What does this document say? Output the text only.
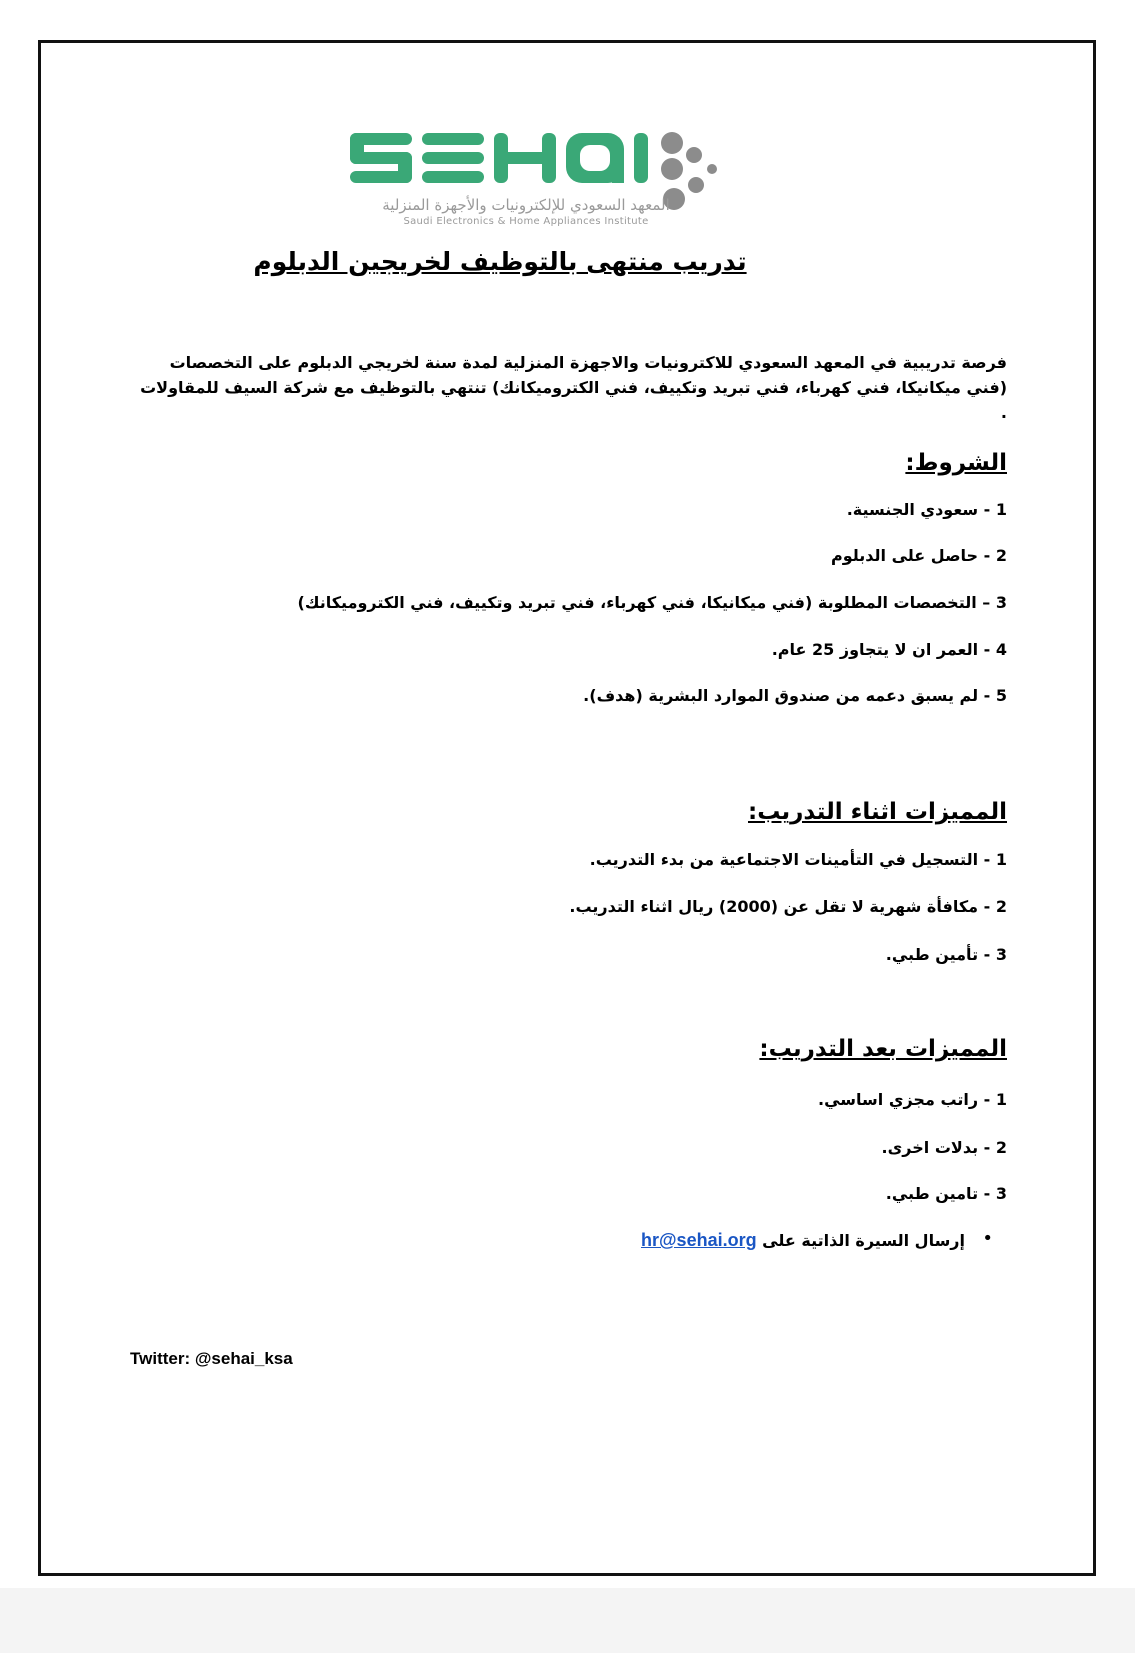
المعهد السعودي للإلكترونيات والأجهزة المنزلية
Saudi Electronics & Home Appliances Institute
تدريب منتهى بالتوظيف لخريجين الدبلوم
فرصة تدريبية في المعهد السعودي للاكترونيات والاجهزة المنزلية لمدة سنة لخريجي الدبلوم على التخصصات (فني ميكانيكا، فني كهرباء، فني تبريد وتكييف، فني الكتروميكانك) تنتهي بالتوظيف مع شركة السيف للمقاولات .
الشروط:
1 - سعودي الجنسية.
2 - حاصل على الدبلوم
3 – التخصصات المطلوبة (فني ميكانيكا، فني كهرباء، فني تبريد وتكييف، فني الكترومیکانك)
4 - العمر ان لا يتجاوز 25 عام.
5 - لم يسبق دعمه من صندوق الموارد البشرية (هدف).
المميزات اثناء التدريب:
1 - التسجيل في التأمينات الاجتماعية من بدء التدريب.
2 - مكافأة شهرية لا تقل عن (2000) ريال اثناء التدريب.
3 - تأمين طبي.
المميزات بعد التدريب:
1 - راتب مجزي اساسي.
2 - بدلات اخرى.
3 - تامين طبي.
•
إرسال السيرة الذاتية على hr@sehai.org
Twitter: @sehai_ksa
